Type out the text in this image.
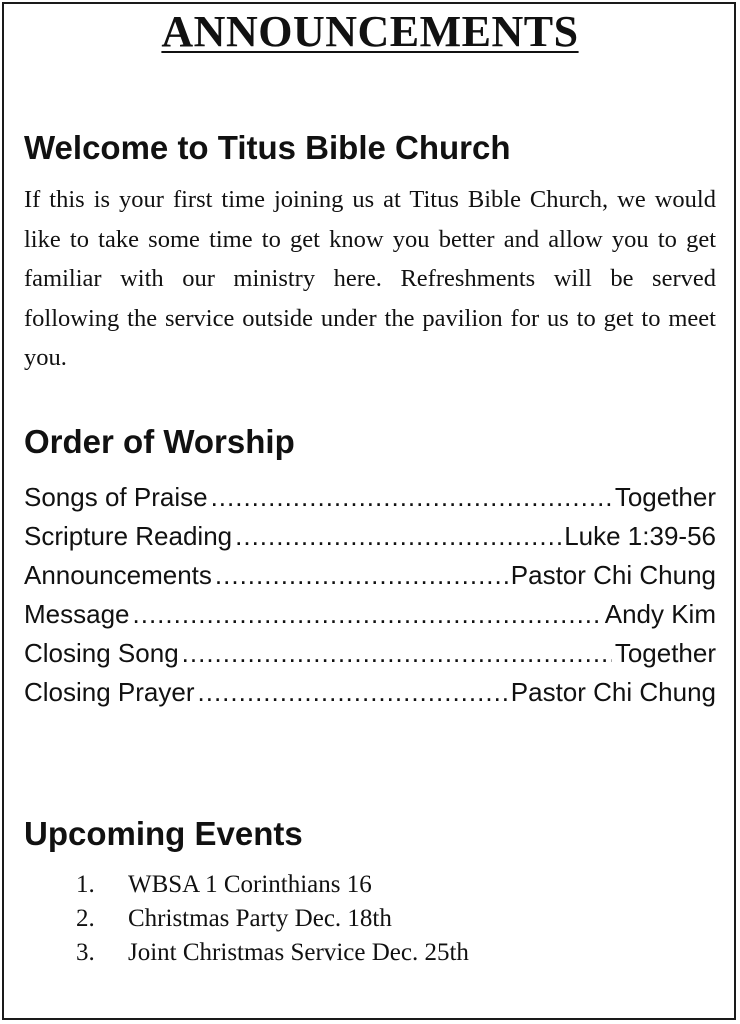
ANNOUNCEMENTS
Welcome to Titus Bible Church

If this is your first time joining us at Titus Bible Church, we would like to take some time to get know you better and allow you to get familiar with our ministry here. Refreshments will be served following the service outside under the pavilion for us to get to meet you.

Order of Worship
Songs of Praise .....	Together
Scripture Reading .....	Luke 1:39-56
Announcements .....	Pastor Chi Chung
Message .....	Andy Kim
Closing Song .....	Together
Closing Prayer .....	Pastor Chi Chung
Upcoming Events
1. WBSA 1 Corinthians 16
2. Christmas Party Dec. 18th
3. Joint Christmas Service Dec. 25th
